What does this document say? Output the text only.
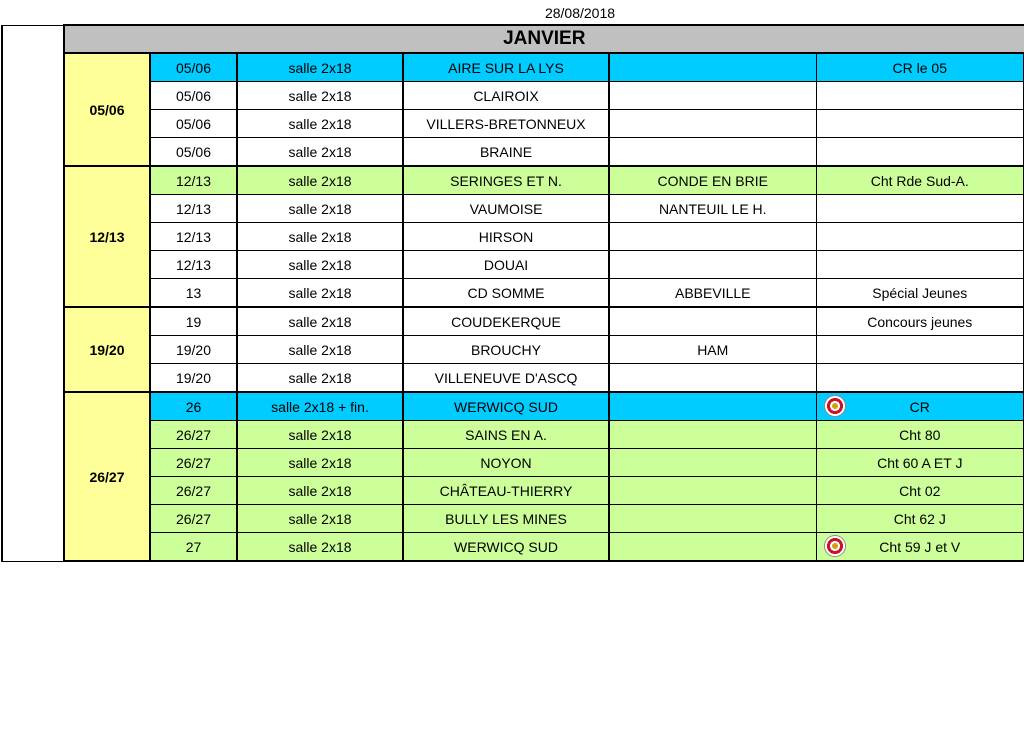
28/08/2018
	JANVIER					
	05/06	05/06	salle 2x18	AIRE SUR LA LYS		CR le 05
		05/06	salle 2x18	CLAIROIX		
		05/06	salle 2x18	VILLERS-BRETONNEUX		
		05/06	salle 2x18	BRAINE		
	12/13	12/13	salle 2x18	SERINGES ET N.	CONDE EN BRIE	Cht Rde Sud-A.
		12/13	salle 2x18	VAUMOISE	NANTEUIL LE H.	
		12/13	salle 2x18	HIRSON		
		12/13	salle 2x18	DOUAI		
		13	salle 2x18	CD SOMME	ABBEVILLE	Spécial Jeunes
	19/20	19	salle 2x18	COUDEKERQUE		Concours jeunes
		19/20	salle 2x18	BROUCHY	HAM	
		19/20	salle 2x18	VILLENEUVE D'ASCQ		
	26/27	26	salle 2x18 + fin.	WERWICQ SUD		CR
		26/27	salle 2x18	SAINS EN A.		Cht 80
		26/27	salle 2x18	NOYON		Cht 60 A ET J
		26/27	salle 2x18	CHÂTEAU-THIERRY		Cht 02
		26/27	salle 2x18	BULLY LES MINES		Cht 62 J
		27	salle 2x18	WERWICQ SUD		Cht 59 J et V
